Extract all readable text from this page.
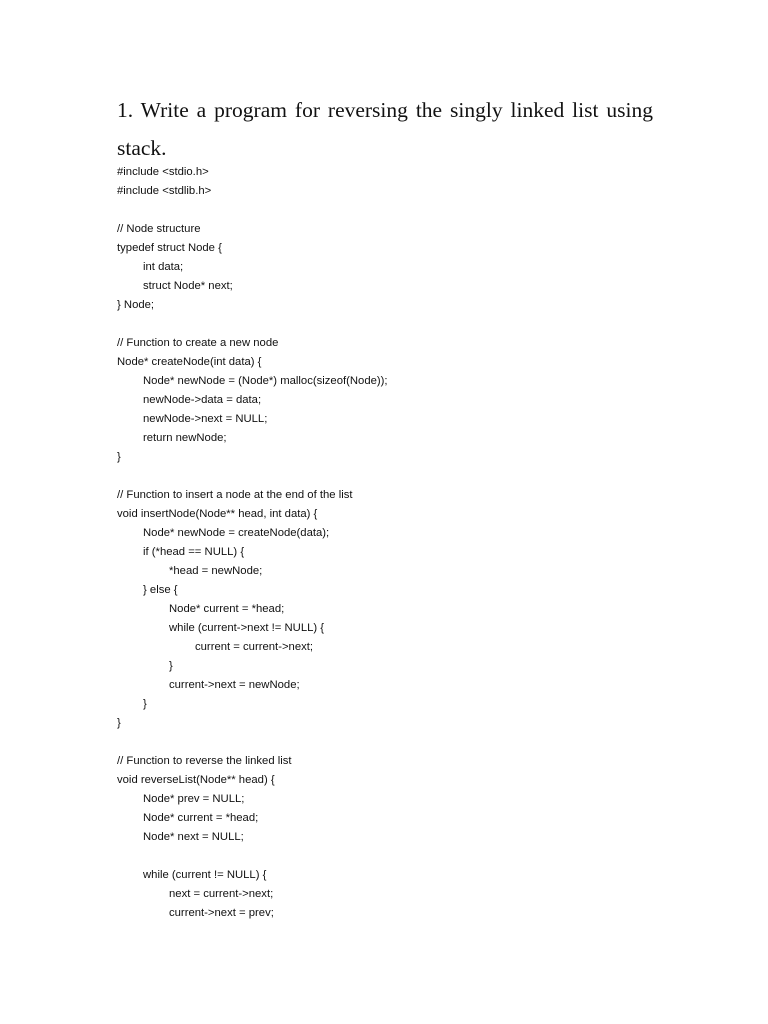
1. Write a program for reversing the singly linked list using stack.
#include <stdio.h>
#include <stdlib.h>
// Node structure
typedef struct Node {
int data;
struct Node* next;
} Node;
// Function to create a new node
Node* createNode(int data) {
Node* newNode = (Node*) malloc(sizeof(Node));
newNode->data = data;
newNode->next = NULL;
return newNode;
}
// Function to insert a node at the end of the list
void insertNode(Node** head, int data) {
Node* newNode = createNode(data);
if (*head == NULL) {
*head = newNode;
} else {
Node* current = *head;
while (current->next != NULL) {
current = current->next;
}
current->next = newNode;
}
}
// Function to reverse the linked list
void reverseList(Node** head) {
Node* prev = NULL;
Node* current = *head;
Node* next = NULL;
while (current != NULL) {
next = current->next;
current->next = prev;
